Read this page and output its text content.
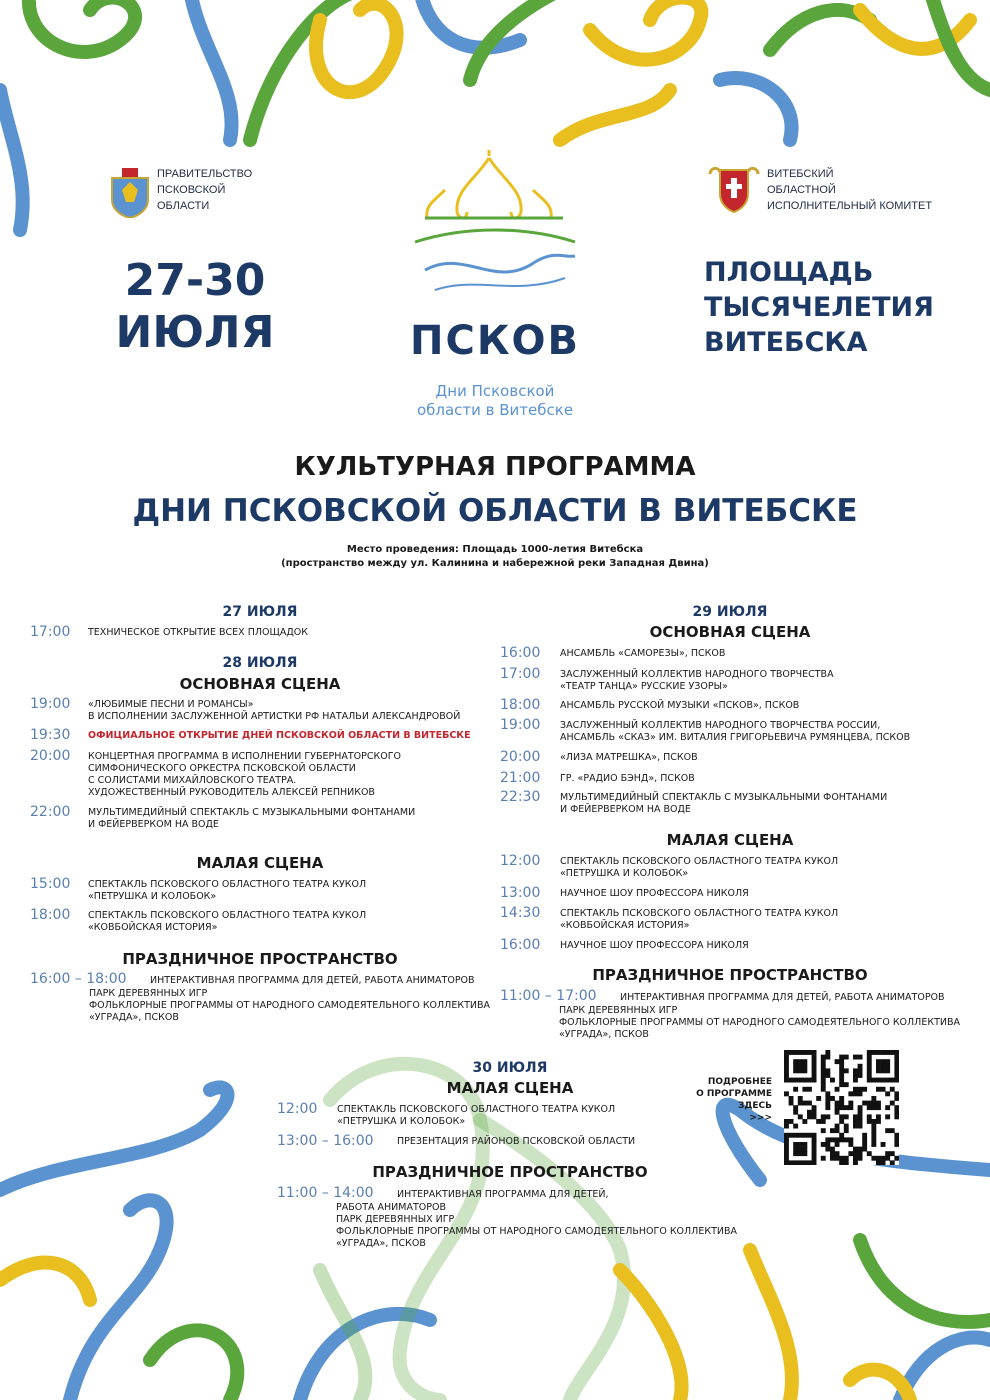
ПРАВИТЕЛЬСТВО
ПСКОВСКОЙ
ОБЛАСТИ
ВИТЕБСКИЙ
ОБЛАСТНОЙ
ИСПОЛНИТЕЛЬНЫЙ КОМИТЕТ
27-30
ИЮЛЯ	ПСКОВ
Дни Псковской
области в Витебске
ПЛОЩАДЬ
ТЫСЯЧЕЛЕТИЯ
ВИТЕБСКА
КУЛЬТУРНАЯ ПРОГРАММА
ДНИ ПСКОВСКОЙ ОБЛАСТИ В ВИТЕБСКЕ
Место проведения: Площадь 1000-летия Витебска
(пространство между ул. Калинина и набережной реки Западная Двина)
27 ИЮЛЯ
17:00	ТЕХНИЧЕСКОЕ ОТКРЫТИЕ ВСЕХ ПЛОЩАДОК
28 ИЮЛЯ
ОСНОВНАЯ СЦЕНА
19:00	«ЛЮБИМЫЕ ПЕСНИ И РОМАНСЫ»
В ИСПОЛНЕНИИ ЗАСЛУЖЕННОЙ АРТИСТКИ РФ НАТАЛЬИ АЛЕКСАНДРОВОЙ
19:30	ОФИЦИАЛЬНОЕ ОТКРЫТИЕ ДНЕЙ ПСКОВСКОЙ ОБЛАСТИ В ВИТЕБСКЕ
20:00	КОНЦЕРТНАЯ ПРОГРАММА В ИСПОЛНЕНИИ ГУБЕРНАТОРСКОГО
СИМФОНИЧЕСКОГО ОРКЕСТРА ПСКОВСКОЙ ОБЛАСТИ
С СОЛИСТАМИ МИХАЙЛОВСКОГО ТЕАТРА.
ХУДОЖЕСТВЕННЫЙ РУКОВОДИТЕЛЬ АЛЕКСЕЙ РЕПНИКОВ
22:00	МУЛЬТИМЕДИЙНЫЙ СПЕКТАКЛЬ С МУЗЫКАЛЬНЫМИ ФОНТАНАМИ
И ФЕЙЕРВЕРКОМ НА ВОДЕ
МАЛАЯ СЦЕНА
15:00	СПЕКТАКЛЬ ПСКОВСКОГО ОБЛАСТНОГО ТЕАТРА КУКОЛ
«ПЕТРУШКА И КОЛОБОК»
18:00	СПЕКТАКЛЬ ПСКОВСКОГО ОБЛАСТНОГО ТЕАТРА КУКОЛ
«КОВБОЙСКАЯ ИСТОРИЯ»
ПРАЗДНИЧНОЕ ПРОСТРАНСТВО
16:00 – 18:00 ИНТЕРАКТИВНАЯ ПРОГРАММА ДЛЯ ДЕТЕЙ, РАБОТА АНИМАТОРОВ
ПАРК ДЕРЕВЯННЫХ ИГР
ФОЛЬКЛОРНЫЕ ПРОГРАММЫ ОТ НАРОДНОГО САМОДЕЯТЕЛЬНОГО КОЛЛЕКТИВА
«УГРАДА», ПСКОВ
29 ИЮЛЯ
ОСНОВНАЯ СЦЕНА
16:00	АНСАМБЛЬ «САМОРЕЗЫ», ПСКОВ
17:00	ЗАСЛУЖЕННЫЙ КОЛЛЕКТИВ НАРОДНОГО ТВОРЧЕСТВА
«ТЕАТР ТАНЦА» РУССКИЕ УЗОРЫ»
18:00	АНСАМБЛЬ РУССКОЙ МУЗЫКИ «ПСКОВ», ПСКОВ
19:00	ЗАСЛУЖЕННЫЙ КОЛЛЕКТИВ НАРОДНОГО ТВОРЧЕСТВА РОССИИ,
АНСАМБЛЬ «СКАЗ» ИМ. ВИТАЛИЯ ГРИГОРЬЕВИЧА РУМЯНЦЕВА, ПСКОВ
20:00	«ЛИЗА МАТРЕШКА», ПСКОВ
21:00	ГР. «РАДИО БЭНД», ПСКОВ
22:30	МУЛЬТИМЕДИЙНЫЙ СПЕКТАКЛЬ С МУЗЫКАЛЬНЫМИ ФОНТАНАМИ
И ФЕЙЕРВЕРКОМ НА ВОДЕ
МАЛАЯ СЦЕНА
12:00	СПЕКТАКЛЬ ПСКОВСКОГО ОБЛАСТНОГО ТЕАТРА КУКОЛ
«ПЕТРУШКА И КОЛОБОК»
13:00	НАУЧНОЕ ШОУ ПРОФЕССОРА НИКОЛЯ
14:30	СПЕКТАКЛЬ ПСКОВСКОГО ОБЛАСТНОГО ТЕАТРА КУКОЛ
«КОВБОЙСКАЯ ИСТОРИЯ»
16:00	НАУЧНОЕ ШОУ ПРОФЕССОРА НИКОЛЯ
ПРАЗДНИЧНОЕ ПРОСТРАНСТВО
11:00 – 17:00 ИНТЕРАКТИВНАЯ ПРОГРАММА ДЛЯ ДЕТЕЙ, РАБОТА АНИМАТОРОВ
ПАРК ДЕРЕВЯННЫХ ИГР
ФОЛЬКЛОРНЫЕ ПРОГРАММЫ ОТ НАРОДНОГО САМОДЕЯТЕЛЬНОГО КОЛЛЕКТИВА
«УГРАДА», ПСКОВ
30 ИЮЛЯ
МАЛАЯ СЦЕНА
12:00	СПЕКТАКЛЬ ПСКОВСКОГО ОБЛАСТНОГО ТЕАТРА КУКОЛ
«ПЕТРУШКА И КОЛОБОК»
13:00 – 16:00	ПРЕЗЕНТАЦИЯ РАЙОНОВ ПСКОВСКОЙ ОБЛАСТИ
ПРАЗДНИЧНОЕ ПРОСТРАНСТВО
11:00 – 14:00 ИНТЕРАКТИВНАЯ ПРОГРАММА ДЛЯ ДЕТЕЙ,
РАБОТА АНИМАТОРОВ
ПАРК ДЕРЕВЯННЫХ ИГР
ФОЛЬКЛОРНЫЕ ПРОГРАММЫ ОТ НАРОДНОГО САМОДЕЯТЕЛЬНОГО КОЛЛЕКТИВА
«УГРАДА», ПСКОВ
ПОДРОБНЕЕ
О ПРОГРАММЕ
ЗДЕСЬ
>>>
